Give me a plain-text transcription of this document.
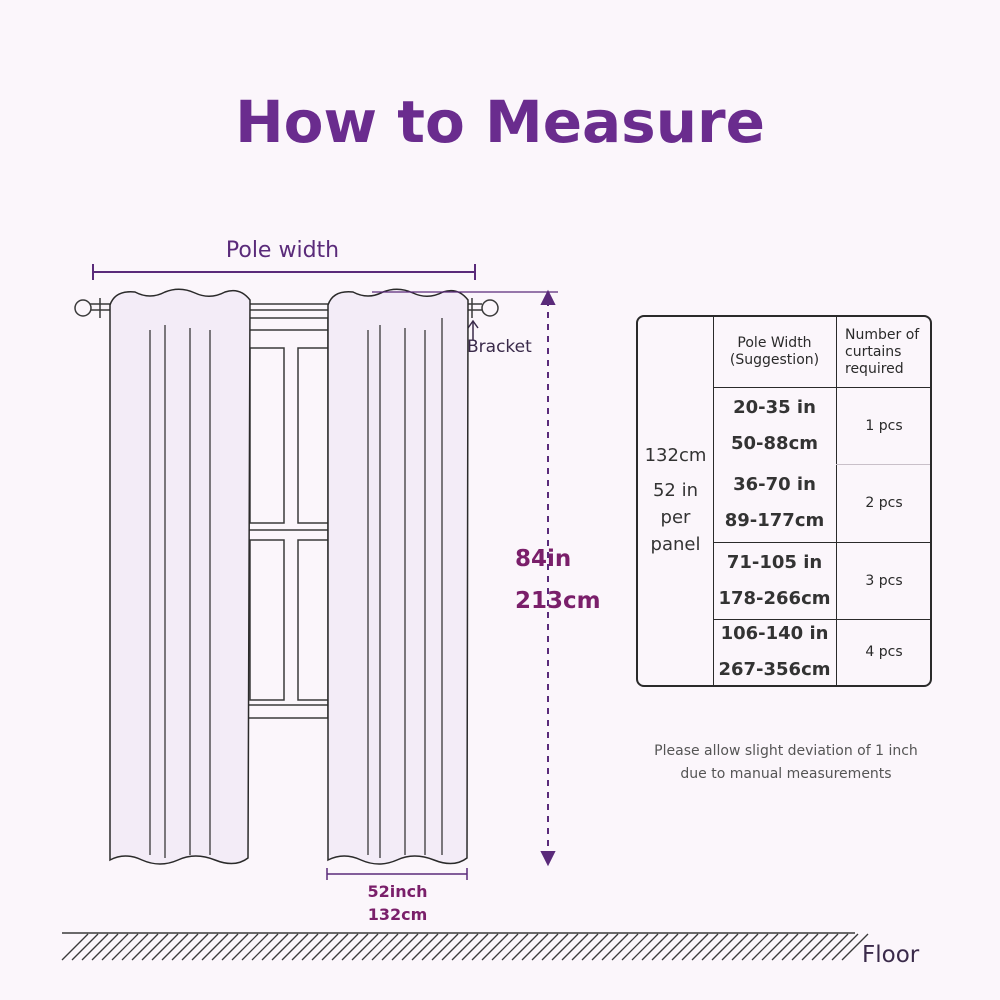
How to Measure
Pole width
Bracket
84in
213cm
52inch
132cm
Floor
132cm
52 in
per
panel
Pole Width
(Suggestion)
Number of
curtains
required
20-35 in
50-88cm
1 pcs
36-70 in
89-177cm
2 pcs
71-105 in
178-266cm
3 pcs
106-140 in
267-356cm
4 pcs
Please allow slight deviation of 1 inch
due to manual measurements
